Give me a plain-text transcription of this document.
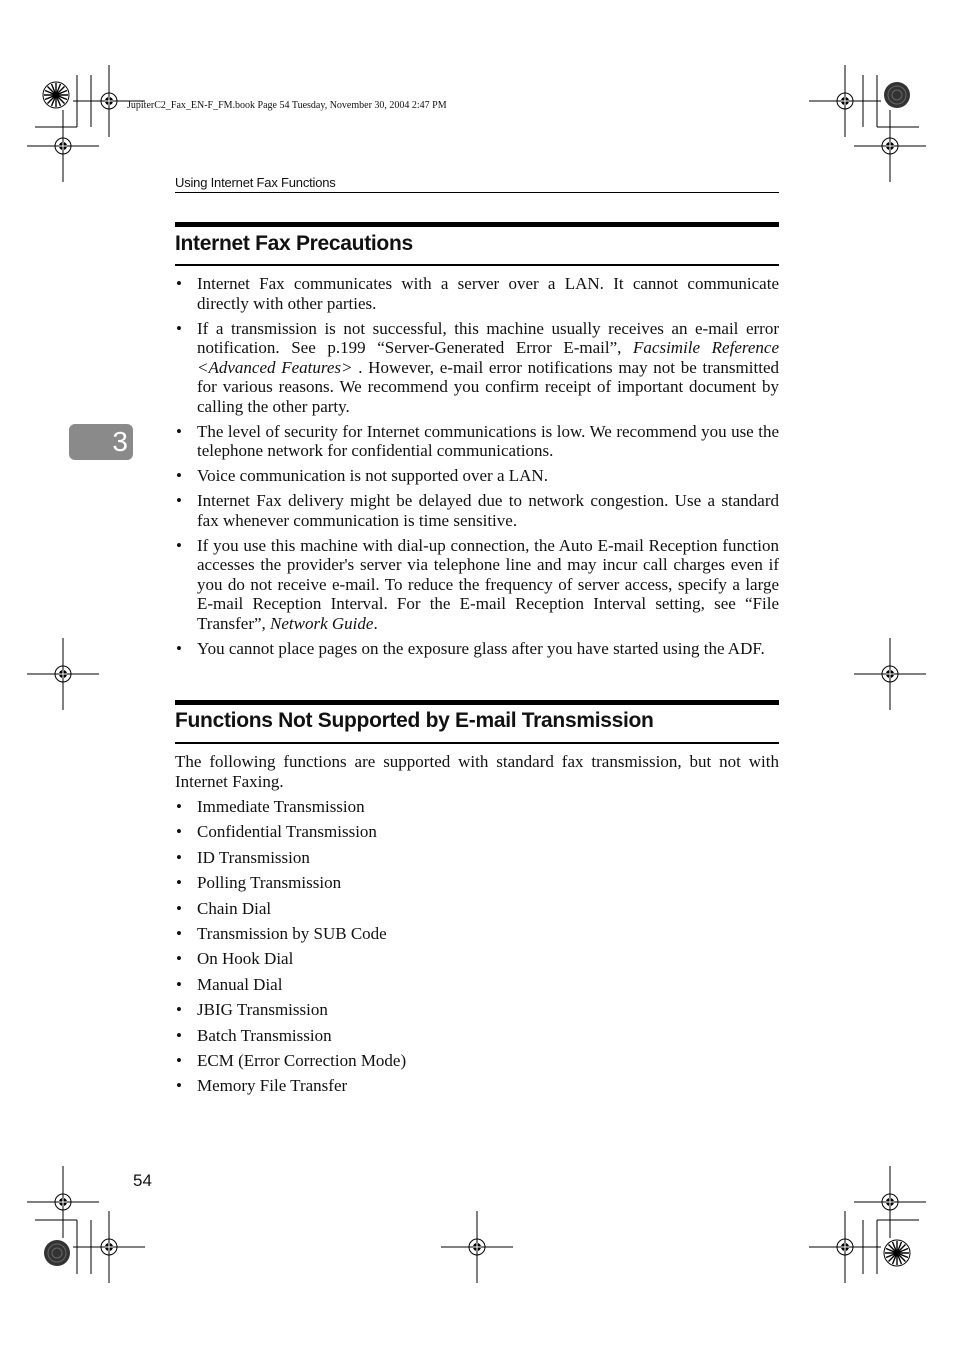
JupiterC2_Fax_EN-F_FM.book Page 54 Tuesday, November 30, 2004 2:47 PM
Using Internet Fax Functions
Internet Fax Precautions
• Internet Fax communicates with a server over a LAN. It cannot communicate directly with other parties.
• If a transmission is not successful, this machine usually receives an e-mail error notification. See p.199 “Server-Generated Error E-mail”, Facsimile Reference <Advanced Features> . However, e-mail error notifications may not be transmitted for various reasons. We recommend you confirm receipt of important document by calling the other party.
• The level of security for Internet communications is low. We recommend you use the telephone network for confidential communications.
• Voice communication is not supported over a LAN.
• Internet Fax delivery might be delayed due to network congestion. Use a standard fax whenever communication is time sensitive.
• If you use this machine with dial-up connection, the Auto E-mail Reception function accesses the provider's server via telephone line and may incur call charges even if you do not receive e-mail. To reduce the frequency of server access, specify a large E-mail Reception Interval. For the E-mail Reception Interval setting, see “File Transfer”, Network Guide.
• You cannot place pages on the exposure glass after you have started using the ADF.
Functions Not Supported by E-mail Transmission
The following functions are supported with standard fax transmission, but not with Internet Faxing.
• Immediate Transmission
• Confidential Transmission
• ID Transmission
• Polling Transmission
• Chain Dial
• Transmission by SUB Code
• On Hook Dial
• Manual Dial
• JBIG Transmission
• Batch Transmission
• ECM (Error Correction Mode)
• Memory File Transfer
3
54
